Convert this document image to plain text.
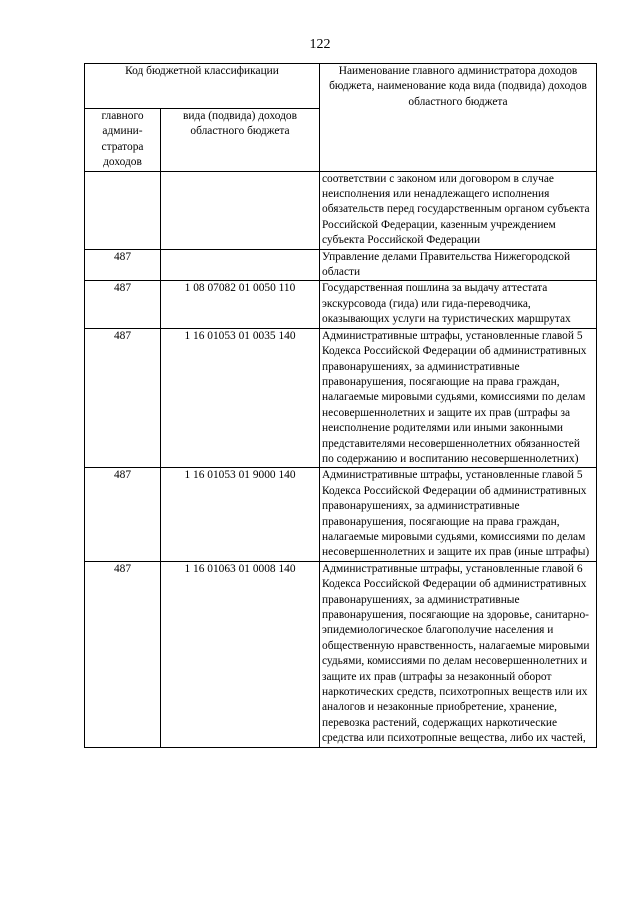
122
Код бюджетной классификации		Наименование главного администратора доходов бюджета, наименование кода вида (подвида) доходов областного бюджета
главного админи-стратора доходов	вида (подвида) доходов областного бюджета	
		соответствии с законом или договором в случае неисполнения или ненадлежащего исполнения обязательств перед государственным органом субъекта Российской Федерации, казенным учреждением субъекта Российской Федерации
487		Управление делами Правительства Нижегородской области
487	1 08 07082 01 0050 110	Государственная пошлина за выдачу аттестата экскурсовода (гида) или гида-переводчика, оказывающих услуги на туристических маршрутах
487	1 16 01053 01 0035 140	Административные штрафы, установленные главой 5 Кодекса Российской Федерации об административных правонарушениях, за административные правонарушения, посягающие на права граждан, налагаемые мировыми судьями, комиссиями по делам несовершеннолетних и защите их прав (штрафы за неисполнение родителями или иными законными представителями несовершеннолетних обязанностей по содержанию и воспитанию несовершеннолетних)
487	1 16 01053 01 9000 140	Административные штрафы, установленные главой 5 Кодекса Российской Федерации об административных правонарушениях, за административные правонарушения, посягающие на права граждан, налагаемые мировыми судьями, комиссиями по делам несовершеннолетних и защите их прав (иные штрафы)
487	1 16 01063 01 0008 140	Административные штрафы, установленные главой 6 Кодекса Российской Федерации об административных правонарушениях, за административные правонарушения, посягающие на здоровье, санитарно-эпидемиологическое благополучие населения и общественную нравственность, налагаемые мировыми судьями, комиссиями по делам несовершеннолетних и защите их прав (штрафы за незаконный оборот наркотических средств, психотропных веществ или их аналогов и незаконные приобретение, хранение, перевозка растений, содержащих наркотические средства или психотропные вещества, либо их частей,
